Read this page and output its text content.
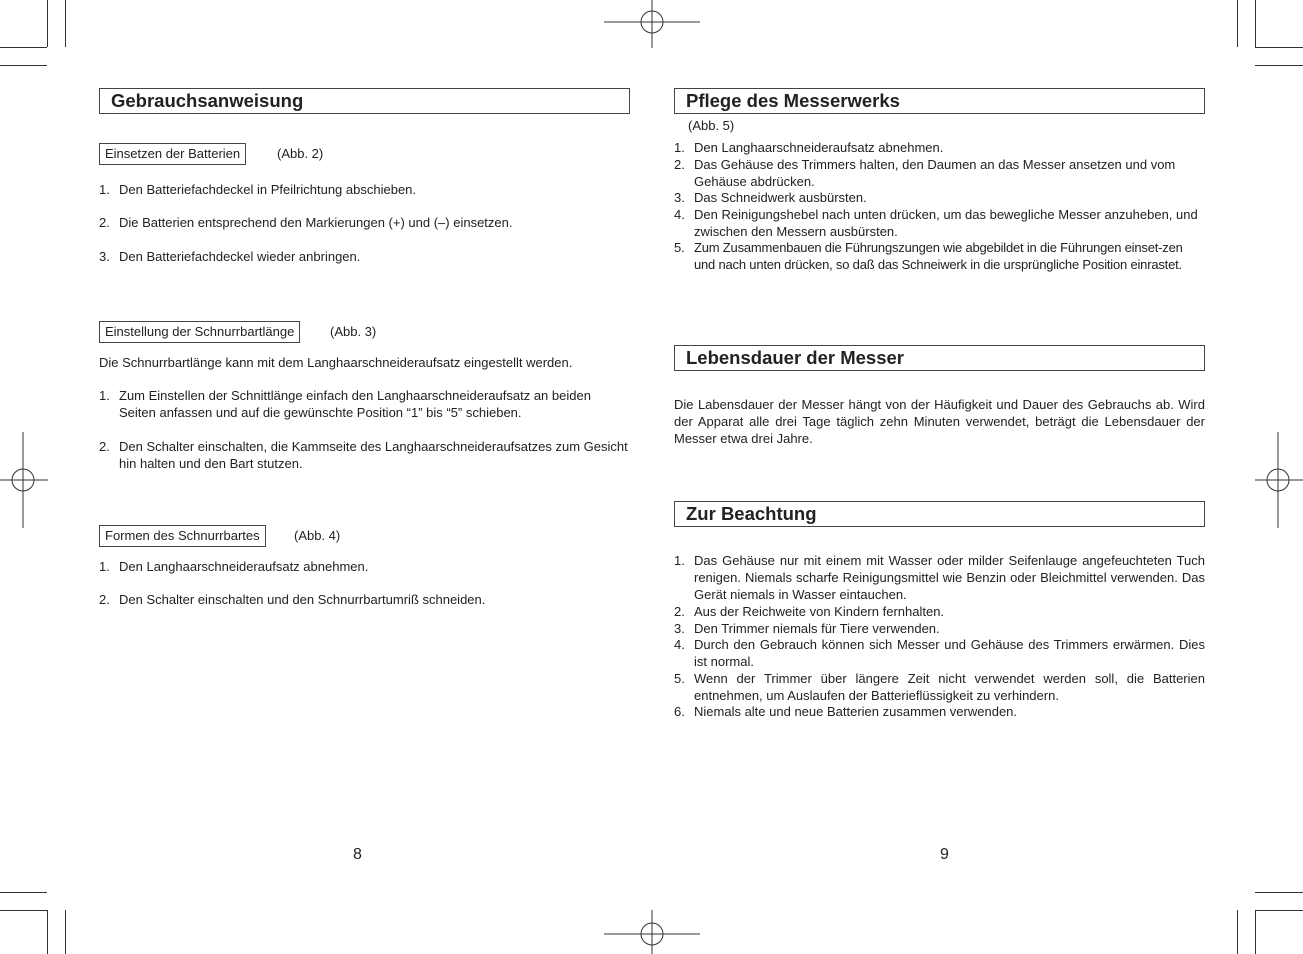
Gebrauchsanweisung
Einsetzen der Batterien	(Abb. 2)
1. Den Batteriefachdeckel in Pfeilrichtung abschieben.
2. Die Batterien entsprechend den Markierungen (+) und (–) einsetzen.
3. Den Batteriefachdeckel wieder anbringen.
Einstellung der Schnurrbartlänge	(Abb. 3)
Die Schnurrbartlänge kann mit dem Langhaarschneideraufsatz eingestellt werden.
1. Zum Einstellen der Schnittlänge einfach den Langhaarschneideraufsatz an beiden Seiten anfassen und auf die gewünschte Position “1” bis “5” schieben.
2. Den Schalter einschalten, die Kammseite des Langhaarschneideraufsatzes zum Gesicht hin halten und den Bart stutzen.
Formen des Schnurrbartes	(Abb. 4)
1. Den Langhaarschneideraufsatz abnehmen.
2. Den Schalter einschalten und den Schnurrbartumriß schneiden.
8
Pflege des Messerwerks
(Abb. 5)
1. Den Langhaarschneideraufsatz abnehmen.
2. Das Gehäuse des Trimmers halten, den Daumen an das Messer ansetzen und vom Gehäuse abdrücken.
3. Das Schneidwerk ausbürsten.
4. Den Reinigungshebel nach unten drücken, um das bewegliche Messer anzuheben, und zwischen den Messern ausbürsten.
5. Zum Zusammenbauen die Führungszungen wie abgebildet in die Führungen einset-zen und nach unten drücken, so daß das Schneiwerk in die ursprüngliche Position einrastet.
Lebensdauer der Messer
Die Labensdauer der Messer hängt von der Häufigkeit und Dauer des Gebrauchs ab. Wird der Apparat alle drei Tage täglich zehn Minuten verwendet, beträgt die Lebensdauer der Messer etwa drei Jahre.
Zur Beachtung
1. Das Gehäuse nur mit einem mit Wasser oder milder Seifenlauge angefeuchteten Tuch renigen. Niemals scharfe Reinigungsmittel wie Benzin oder Bleichmittel verwenden. Das Gerät niemals in Wasser eintauchen.
2. Aus der Reichweite von Kindern fernhalten.
3. Den Trimmer niemals für Tiere verwenden.
4. Durch den Gebrauch können sich Messer und Gehäuse des Trimmers erwärmen. Dies ist normal.
5. Wenn der Trimmer über längere Zeit nicht verwendet werden soll, die Batterien entnehmen, um Auslaufen der Batterieflüssigkeit zu verhindern.
6. Niemals alte und neue Batterien zusammen verwenden.
9
